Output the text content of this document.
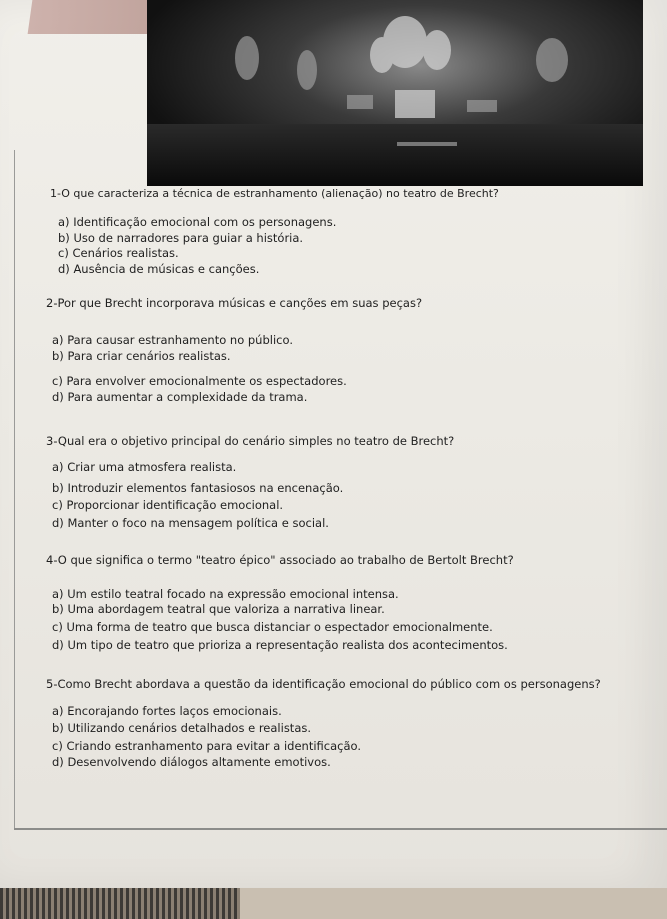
1-O que caracteriza a técnica de estranhamento (alienação) no teatro de Brecht?
a) Identificação emocional com os personagens.
b) Uso de narradores para guiar a história.
c) Cenários realistas.
d) Ausência de músicas e canções.
2-Por que Brecht incorporava músicas e canções em suas peças?
a) Para causar estranhamento no público.
b) Para criar cenários realistas.
c) Para envolver emocionalmente os espectadores.
d) Para aumentar a complexidade da trama.
3-Qual era o objetivo principal do cenário simples no teatro de Brecht?
a) Criar uma atmosfera realista.
b) Introduzir elementos fantasiosos na encenação.
c) Proporcionar identificação emocional.
d) Manter o foco na mensagem política e social.
4-O que significa o termo "teatro épico" associado ao trabalho de Bertolt Brecht?
a) Um estilo teatral focado na expressão emocional intensa.
b) Uma abordagem teatral que valoriza a narrativa linear.
c) Uma forma de teatro que busca distanciar o espectador emocionalmente.
d) Um tipo de teatro que prioriza a representação realista dos acontecimentos.
5-Como Brecht abordava a questão da identificação emocional do público com os personagens?
a) Encorajando fortes laços emocionais.
b) Utilizando cenários detalhados e realistas.
c) Criando estranhamento para evitar a identificação.
d) Desenvolvendo diálogos altamente emotivos.
